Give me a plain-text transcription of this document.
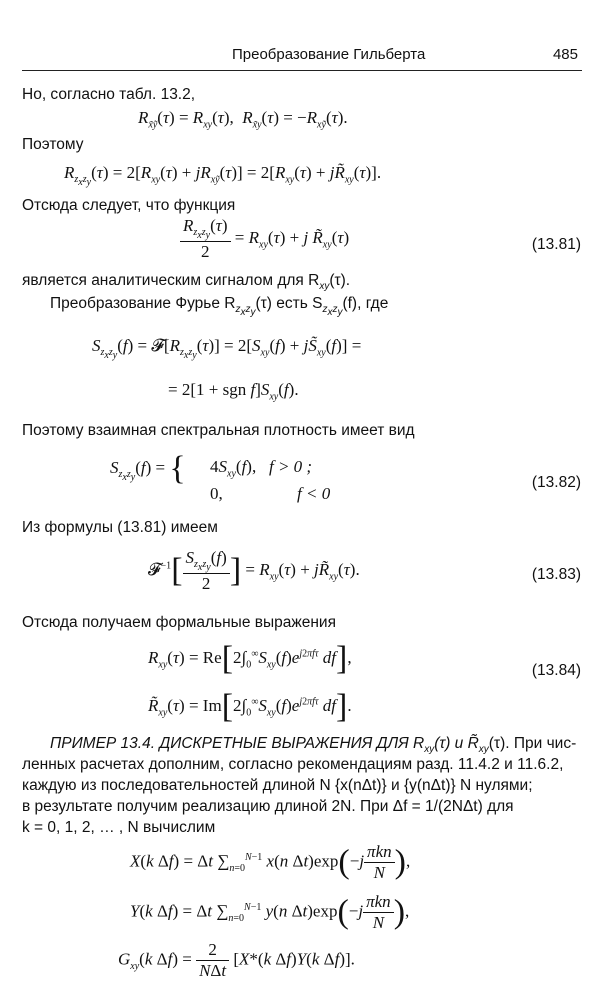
Преобразование Гильберта	485
Но, согласно табл. 13.2,
$R_{x̃ỹ}(\tau) = R_{xy}(\tau)$,  $R_{x̃y}(\tau) = -R_{xỹ}(\tau)$.
Поэтому
$R_{z_xz_y}(\tau) = 2[R_{xy}(\tau) + jR_{xỹ}(\tau)] = 2[R_{xy}(\tau)$ + $jR̃_{xy}(\tau)$].
Отсюда следует, что функция
$\frac{R_{z_xz_y}(\tau)}{2} = R_{xy}(\tau) + j$ $R̃_{xy}(\tau)$	(13.81)
является аналитическим сигналом для $R_{xy}(\tau)$.
Преобразование Фурье $R_{z_xz_y}(\tau)$ есть $S_{z_xz_y}(f)$, где
$S_{z_xz_y}(f)$ = $𝓕[R_{z_xz_y}(\tau)] = 2[S_{xy}(f)$ + $jS̃_{xy}(f)$] =
= 2[1 + sgn $f]S_{xy}(f)$.
Поэтому взаимная спектральная плотность имеет вид
$S_{z_xz_y}(f)$ = { $4S_{xy}(f)$,   f > 0 ;
0,	f < 0
(13.82)
Из формулы (13.81) имеем
𝓕$^{-1}$[ $\frac{S_{z_xz_y}(f)}{2}$ ] = $R_{xy}(\tau)$ + $jR̃_{xy}(\tau)$.	(13.83)
Отсюда получаем формальные выражения
$R_{xy}(\tau) = Re[2\int_0^\infty S_{xy}(f)e^{j2\pi f\tau}$ df],
$R̃_{xy}(\tau) = Im[2\int_0^\infty S_{xy}(f)e^{j2\pi f\tau}$ df].
(13.84)
ПРИМЕР 13.4. ДИСКРЕТНЫЕ ВЫРАЖЕНИЯ ДЛЯ $R_{xy}(\tau)$ и $R̃_{xy}(\tau)$. При чис-
ленных расчетах дополним, согласно рекомендациям разд. 11.4.2 и 11.6.2,
каждую из последовательностей длиной N {x(nΔt)} и {y(nΔt)} N нулями;
в результате получим реализацию длиной 2N. При Δf = 1/(2NΔt) для
k = 0, 1, 2, … , N вычислим
X(k Δf) = Δt $\sum_{n=0}^{N-1}$ x(n $\Delta t)\exp(-j \frac{\text{πkn}}{N}$ ),
Y(k Δf) = Δt $\sum_{n=0}^{N-1}$ y(n $\Delta t)\exp(-j \frac{\text{πkn}}{N}$ ),
$G_{xy}(k$ $\Delta f) = \frac{2}{\text{NΔt}} [X*(k$ Δf)Y(k Δf)].
